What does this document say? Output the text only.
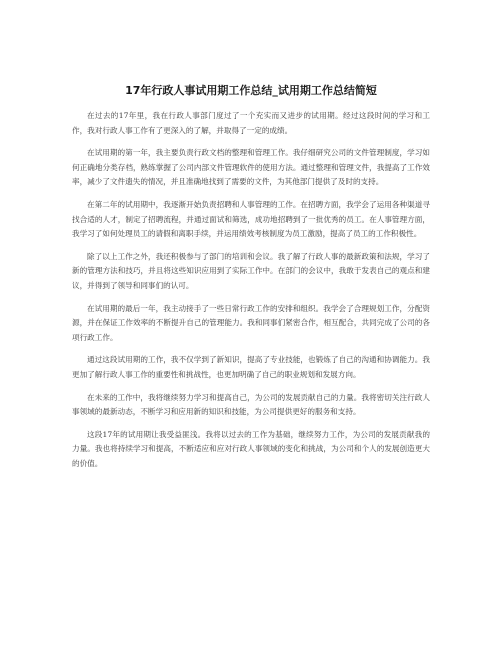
17年行政人事试用期工作总结_试用期工作总结简短

在过去的17年里，我在行政人事部门度过了一个充实而又进步的试用期。经过这段时间的学习和工作，我对行政人事工作有了更深入的了解，并取得了一定的成绩。

在试用期的第一年，我主要负责行政文档的整理和管理工作。我仔细研究公司的文件管理制度，学习如何正确地分类存档，熟练掌握了公司内部文件管理软件的使用方法。通过整理和管理文件，我提高了工作效率，减少了文件遗失的情况，并且准确地找到了需要的文件，为其他部门提供了及时的支持。

在第二年的试用期中，我逐渐开始负责招聘和人事管理的工作。在招聘方面，我学会了运用各种渠道寻找合适的人才，制定了招聘流程，并通过面试和筛选，成功地招聘到了一批优秀的员工。在人事管理方面，我学习了如何处理员工的请假和离职手续，并运用绩效考核制度为员工激励，提高了员工的工作积极性。

除了以上工作之外，我还积极参与了部门的培训和会议。我了解了行政人事的最新政策和法规，学习了新的管理方法和技巧，并且将这些知识应用到了实际工作中。在部门的会议中，我敢于发表自己的观点和建议，并得到了领导和同事们的认可。

在试用期的最后一年，我主动接手了一些日常行政工作的安排和组织。我学会了合理规划工作，分配资源，并在保证工作效率的不断提升自己的管理能力。我和同事们紧密合作，相互配合，共同完成了公司的各项行政工作。

通过这段试用期的工作，我不仅学到了新知识，提高了专业技能，也锻炼了自己的沟通和协调能力。我更加了解行政人事工作的重要性和挑战性，也更加明确了自己的职业规划和发展方向。

在未来的工作中，我将继续努力学习和提高自己，为公司的发展贡献自己的力量。我将密切关注行政人事领域的最新动态，不断学习和应用新的知识和技能，为公司提供更好的服务和支持。

这段17年的试用期让我受益匪浅。我将以过去的工作为基础，继续努力工作，为公司的发展贡献我的力量。我也将持续学习和提高，不断适应和应对行政人事领域的变化和挑战，为公司和个人的发展创造更大的价值。
